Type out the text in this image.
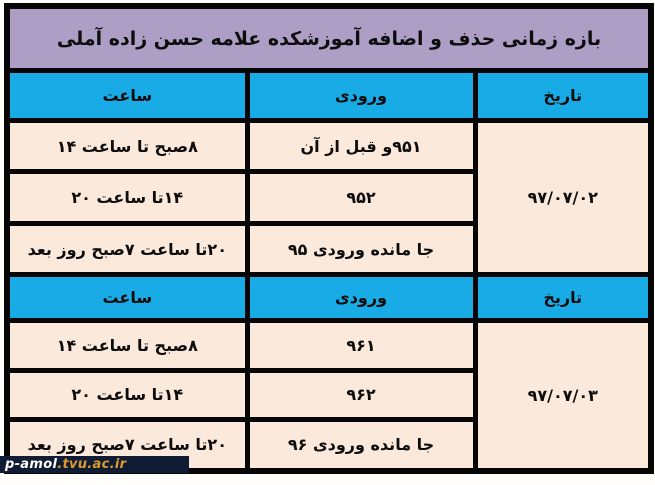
بازه زمانی حذف و اضافه آموزشکده علامه حسن زاده آملی		
تاریخ	ورودی	ساعت
۹۷/۰۷/۰۲	۹۵۱و قبل از آن	۸صبح تا ساعت ۱۴
	۹۵۲	۱۴تا ساعت ۲۰
	جا مانده ورودی ۹۵	۲۰تا ساعت ۷صبح روز بعد
تاریخ	ورودی	ساعت
۹۷/۰۷/۰۳	۹۶۱	۸صبح تا ساعت ۱۴
	۹۶۲	۱۴تا ساعت ۲۰
	جا مانده ورودی ۹۶	۲۰تا ساعت ۷صبح روز بعد
p-amol.tvu.ac.ir
